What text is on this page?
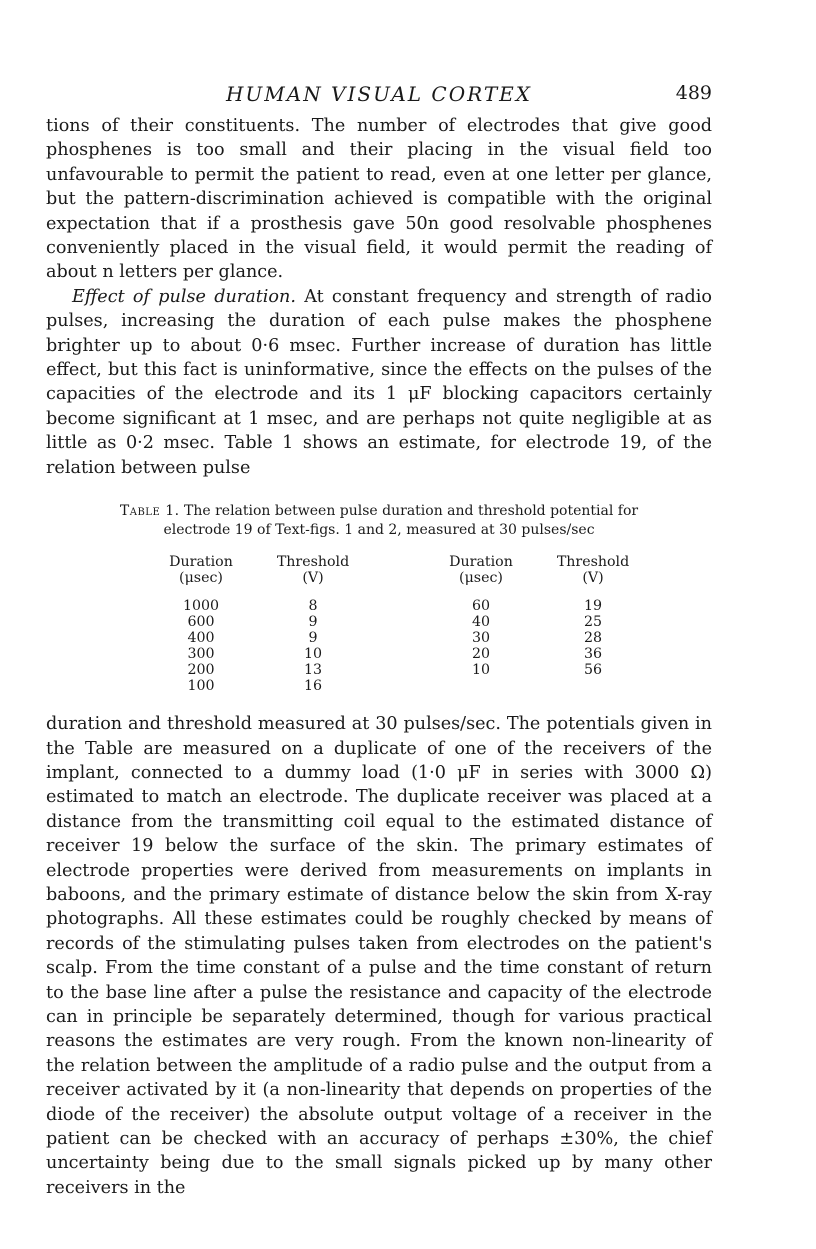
HUMAN VISUAL CORTEX	489

tions of their constituents. The number of electrodes that give good phosphenes is too small and their placing in the visual field too unfavourable to permit the patient to read, even at one letter per glance, but the pattern-discrimination achieved is compatible with the original expectation that if a prosthesis gave 50n good resolvable phosphenes conveniently placed in the visual field, it would permit the reading of about n letters per glance.

Effect of pulse duration. At constant frequency and strength of radio pulses, increasing the duration of each pulse makes the phosphene brighter up to about 0·6 msec. Further increase of duration has little effect, but this fact is uninformative, since the effects on the pulses of the capacities of the electrode and its 1 μF blocking capacitors certainly become significant at 1 msec, and are perhaps not quite negligible at as little as 0·2 msec. Table 1 shows an estimate, for electrode 19, of the relation between pulse

Table 1. The relation between pulse duration and threshold potential for electrode 19 of Text-figs. 1 and 2, measured at 30 pulses/sec
Duration		Threshold		Duration		Threshold
(μsec)		(V)		(μsec)		(V)
1000		8		60		19
600		9		40		25
400		9		30		28
300		10		20		36
200		13		10		56
100		16				

duration and threshold measured at 30 pulses/sec. The potentials given in the Table are measured on a duplicate of one of the receivers of the implant, connected to a dummy load (1·0 μF in series with 3000 Ω) estimated to match an electrode. The duplicate receiver was placed at a distance from the transmitting coil equal to the estimated distance of receiver 19 below the surface of the skin. The primary estimates of electrode properties were derived from measurements on implants in baboons, and the primary estimate of distance below the skin from X-ray photographs. All these estimates could be roughly checked by means of records of the stimulating pulses taken from electrodes on the patient's scalp. From the time constant of a pulse and the time constant of return to the base line after a pulse the resistance and capacity of the electrode can in principle be separately determined, though for various practical reasons the estimates are very rough. From the known non-linearity of the relation between the amplitude of a radio pulse and the output from a receiver activated by it (a non-linearity that depends on properties of the diode of the receiver) the absolute output voltage of a receiver in the patient can be checked with an accuracy of perhaps ±30%, the chief uncertainty being due to the small signals picked up by many other receivers in the
